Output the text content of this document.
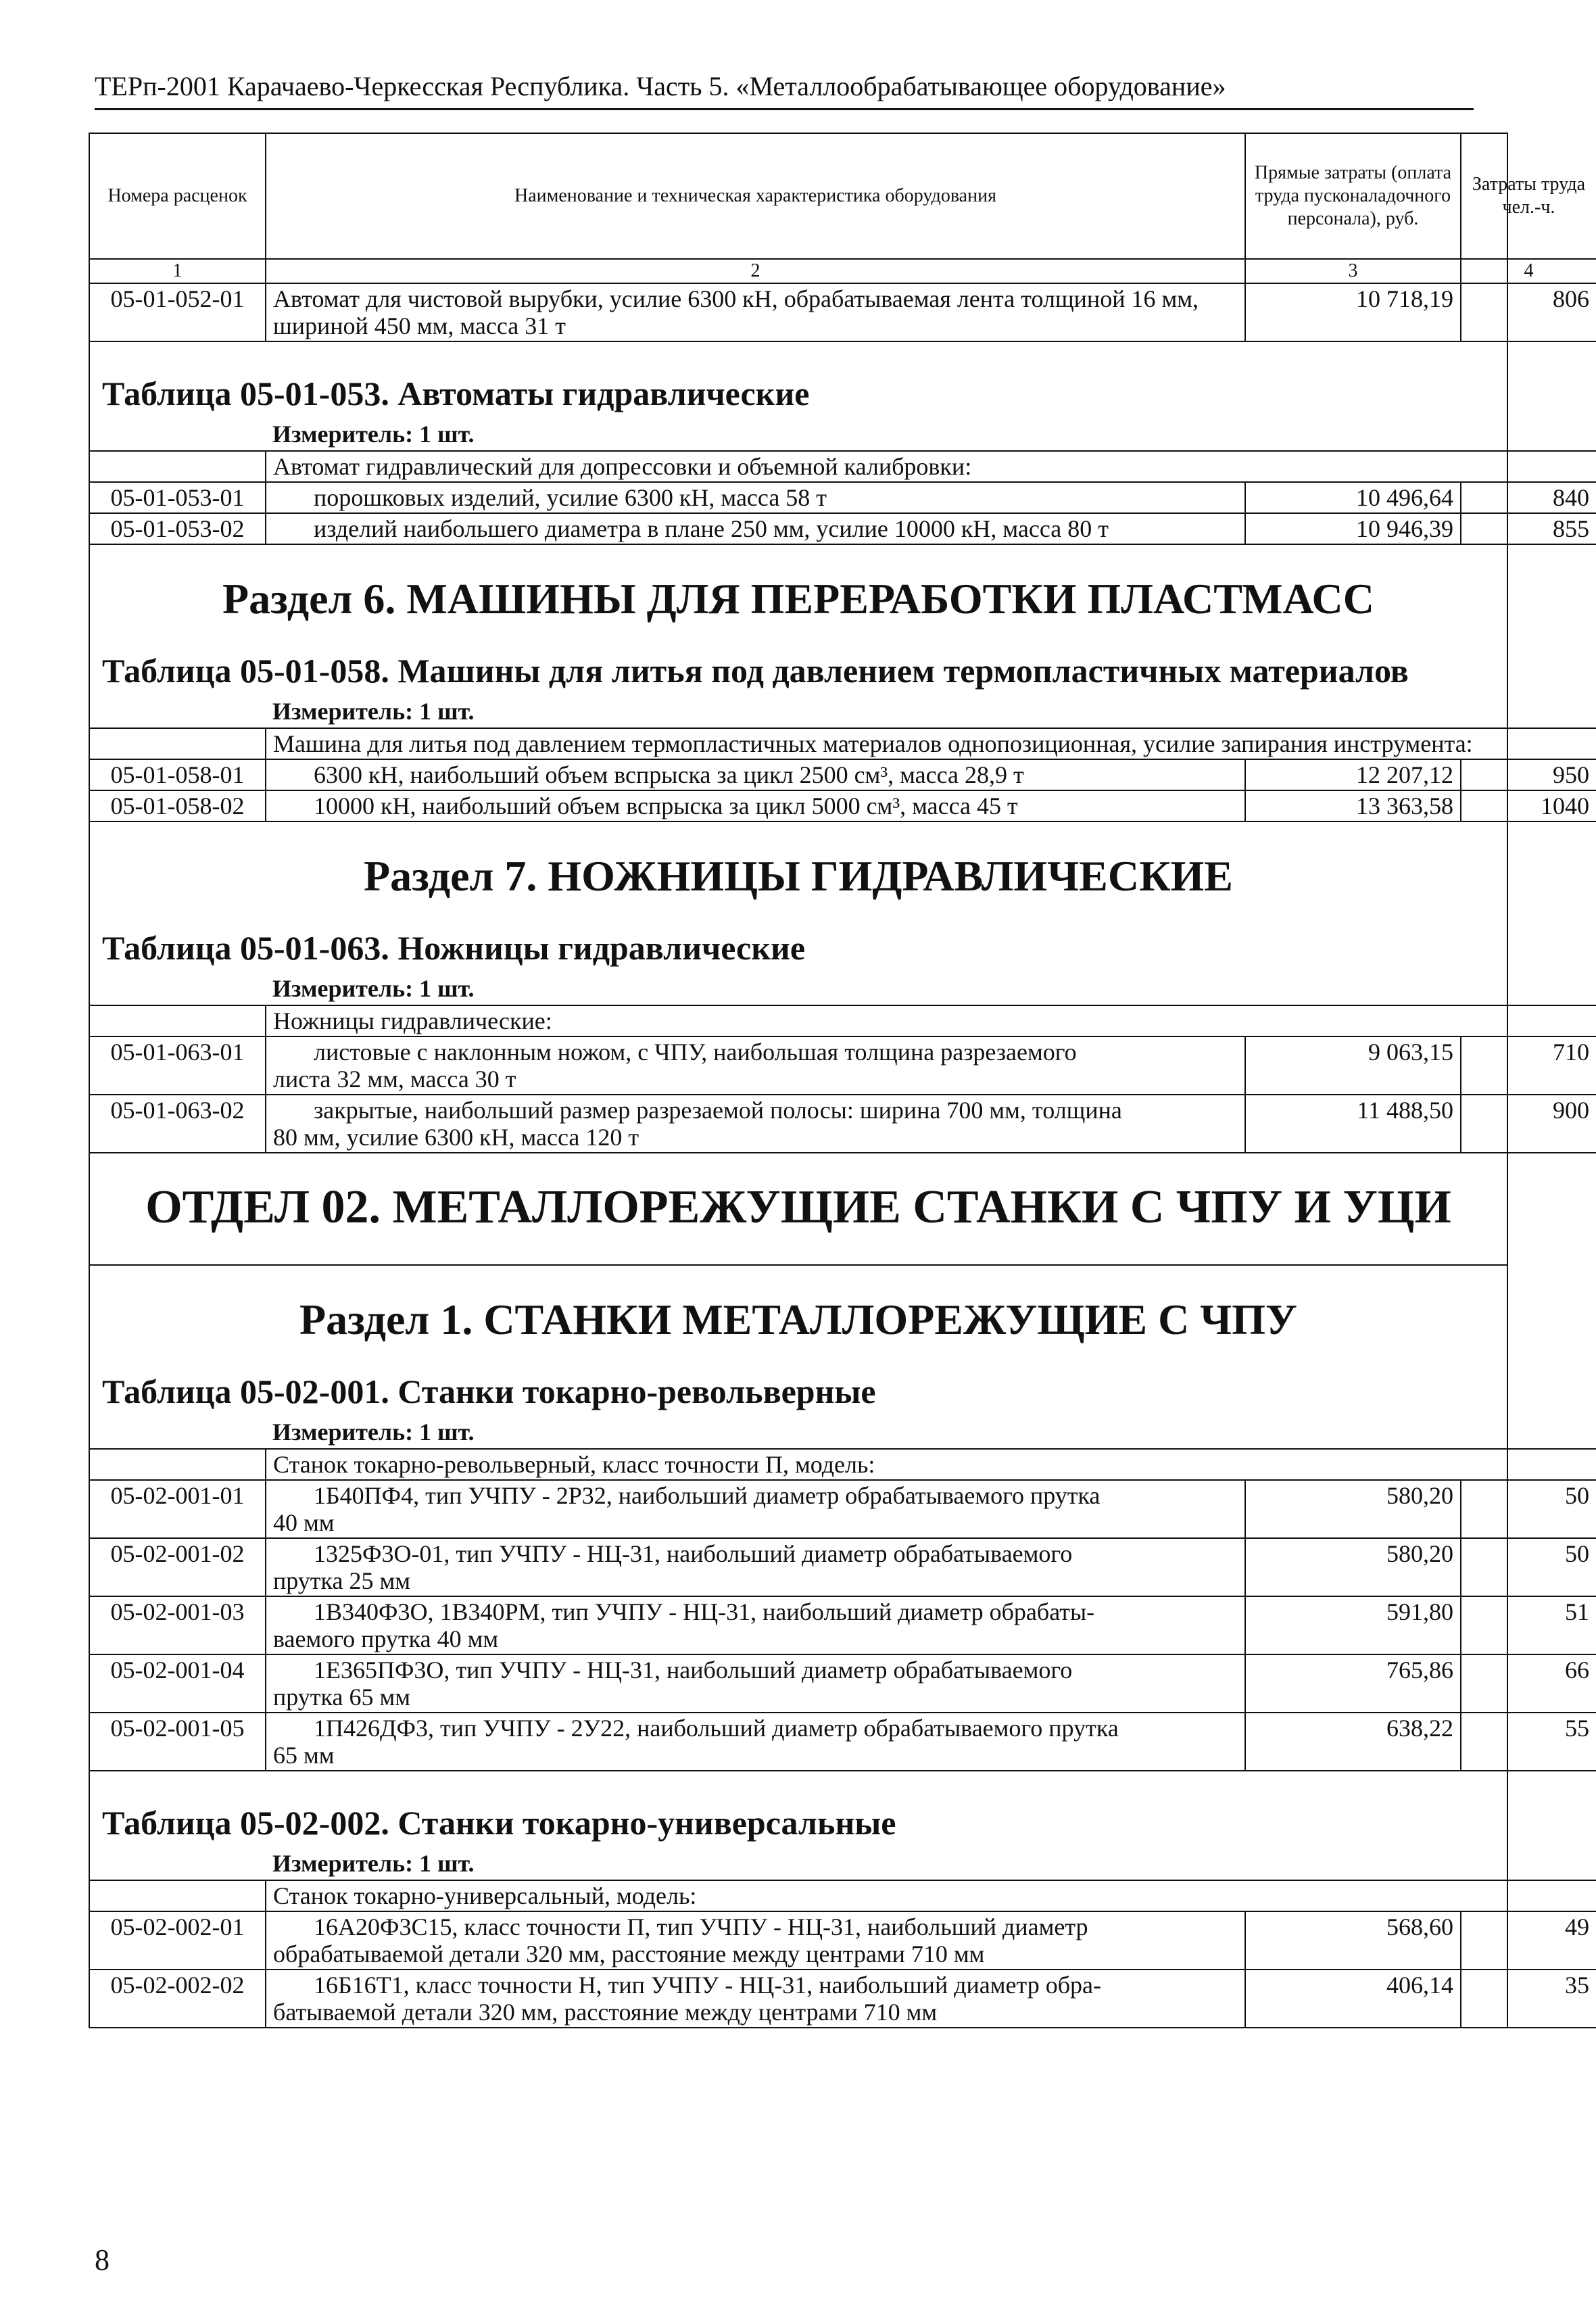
ТЕРп-2001 Карачаево-Черкесская Республика. Часть 5. «Металлообрабатывающее оборудование»
Номера расценок	Наименование и техническая характеристика оборудования	Прямые затраты (оплата труда пусконаладочного персонала), руб.	Затраты труда чел.-ч.
1	2	3	4
05-01-052-01	Автомат для чистовой вырубки, усилие 6300 кН, обрабатываемая лента толщиной 16 мм, шириной 450 мм, масса 31 т	10 718,19	806
Таблица 05-01-053. Автоматы гидравлические
Измеритель: 1 шт.
	Автомат гидравлический для допрессовки и объемной калибровки:		
05-01-053-01	порошковых изделий, усилие 6300 кН, масса 58 т	10 496,64	840
05-01-053-02	изделий наибольшего диаметра в плане 250 мм, усилие 10000 кН, масса 80 т	10 946,39	855
Раздел 6. МАШИНЫ ДЛЯ ПЕРЕРАБОТКИ ПЛАСТМАСС
Таблица 05-01-058. Машины для литья под давлением термопластичных материалов
Измеритель: 1 шт.
	Машина для литья под давлением термопластичных материалов однопозиционная, усилие запирания инструмента:		
05-01-058-01	6300 кН, наибольший объем вспрыска за цикл 2500 см³, масса 28,9 т	12 207,12	950
05-01-058-02	10000 кН, наибольший объем вспрыска за цикл 5000 см³, масса 45 т	13 363,58	1040
Раздел 7. НОЖНИЦЫ ГИДРАВЛИЧЕСКИЕ
Таблица 05-01-063. Ножницы гидравлические
Измеритель: 1 шт.
	Ножницы гидравлические:		
05-01-063-01	листовые с наклонным ножом, с ЧПУ, наибольшая толщина разрезаемого
листа 32 мм, масса 30 т	9 063,15	710
05-01-063-02	закрытые, наибольший размер разрезаемой полосы: ширина 700 мм, толщина
80 мм, усилие 6300 кН, масса 120 т	11 488,50	900
ОТДЕЛ 02. МЕТАЛЛОРЕЖУЩИЕ СТАНКИ С ЧПУ И УЦИ
Раздел 1. СТАНКИ МЕТАЛЛОРЕЖУЩИЕ С ЧПУ
Таблица 05-02-001. Станки токарно-револьверные
Измеритель: 1 шт.
	Станок токарно-револьверный, класс точности П, модель:		
05-02-001-01	1Б40ПФ4, тип УЧПУ - 2Р32, наибольший диаметр обрабатываемого прутка
40 мм	580,20	50
05-02-001-02	1325Ф3О-01, тип УЧПУ - НЦ-31, наибольший диаметр обрабатываемого
прутка 25 мм	580,20	50
05-02-001-03	1В340Ф3О, 1В340РМ, тип УЧПУ - НЦ-31, наибольший диаметр обрабаты-
ваемого прутка 40 мм	591,80	51
05-02-001-04	1Е365ПФ3О, тип УЧПУ - НЦ-31, наибольший диаметр обрабатываемого
прутка 65 мм	765,86	66
05-02-001-05	1П426ДФ3, тип УЧПУ - 2У22, наибольший диаметр обрабатываемого прутка
65 мм	638,22	55
Таблица 05-02-002. Станки токарно-универсальные
Измеритель: 1 шт.
	Станок токарно-универсальный, модель:		
05-02-002-01	16А20Ф3С15, класс точности П, тип УЧПУ - НЦ-31, наибольший диаметр
обрабатываемой детали 320 мм, расстояние между центрами 710 мм	568,60	49
05-02-002-02	16Б16Т1, класс точности Н, тип УЧПУ - НЦ-31, наибольший диаметр обра-
батываемой детали 320 мм, расстояние между центрами 710 мм	406,14	35
8
